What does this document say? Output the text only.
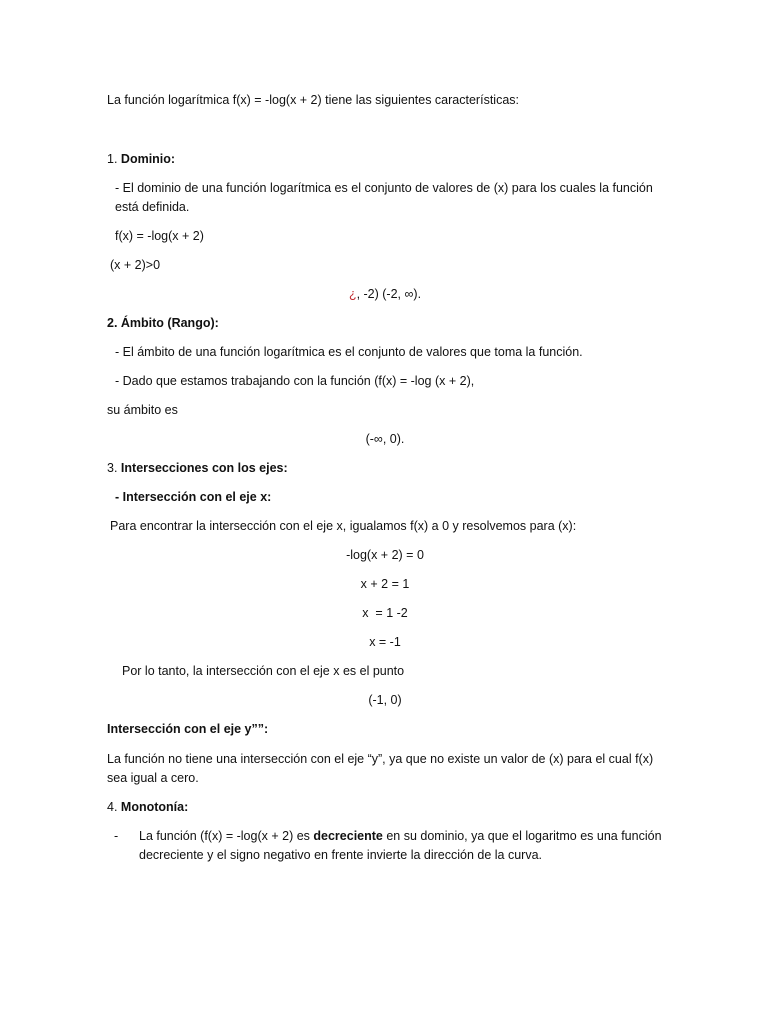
La función logarítmica f(x) = -log(x + 2) tiene las siguientes características:
1. Dominio:
- El dominio de una función logarítmica es el conjunto de valores de (x) para los cuales la función está definida.
f(x) = -log(x + 2)
(x + 2)>0
¿, -2) (-2, ∞).
2. Ámbito (Rango):
- El ámbito de una función logarítmica es el conjunto de valores que toma la función.
- Dado que estamos trabajando con la función (f(x) = -log (x + 2),
su ámbito es
(-∞, 0).
3. Intersecciones con los ejes:
- Intersección con el eje x:
Para encontrar la intersección con el eje x, igualamos f(x) a 0 y resolvemos para (x):
-log(x + 2) = 0
x + 2 = 1
x  = 1 -2
x = -1
Por lo tanto, la intersección con el eje x es el punto
(-1, 0)
Intersección con el eje y””:
La función no tiene una intersección con el eje “y”, ya que no existe un valor de (x) para el cual f(x) sea igual a cero.
4. Monotonía:
- La función (f(x) = -log(x + 2) es decreciente en su dominio, ya que el logaritmo es una función decreciente y el signo negativo en frente invierte la dirección de la curva.
